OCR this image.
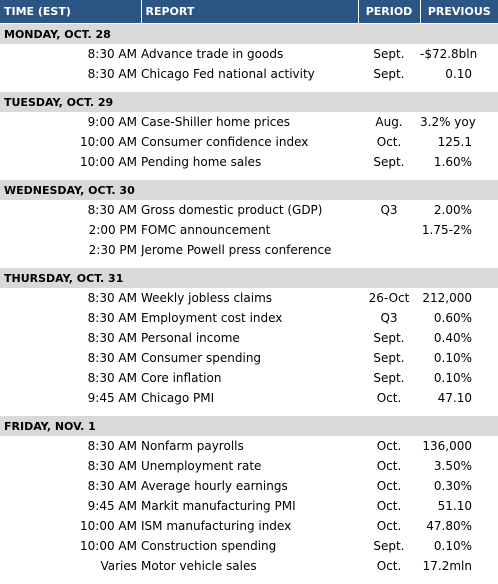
TIME (EST)	REPORT	PERIOD	PREVIOUS
MONDAY, OCT. 28			
8:30 AM	Advance trade in goods	Sept.	-$72.8bln
8:30 AM	Chicago Fed national activity	Sept.	0.10

TUESDAY, OCT. 29			
9:00 AM	Case-Shiller home prices	Aug.	3.2% yoy
10:00 AM	Consumer confidence index	Oct.	125.1
10:00 AM	Pending home sales	Sept.	1.60%

WEDNESDAY, OCT. 30			
8:30 AM	Gross domestic product (GDP)	Q3	2.00%
2:00 PM	FOMC announcement		1.75-2%
2:30 PM	Jerome Powell press conference		

THURSDAY, OCT. 31			
8:30 AM	Weekly jobless claims	26-Oct	212,000
8:30 AM	Employment cost index	Q3	0.60%
8:30 AM	Personal income	Sept.	0.40%
8:30 AM	Consumer spending	Sept.	0.10%
8:30 AM	Core inflation	Sept.	0.10%
9:45 AM	Chicago PMI	Oct.	47.10

FRIDAY, NOV. 1			
8:30 AM	Nonfarm payrolls	Oct.	136,000
8:30 AM	Unemployment rate	Oct.	3.50%
8:30 AM	Average hourly earnings	Oct.	0.30%
9:45 AM	Markit manufacturing PMI	Oct.	51.10
10:00 AM	ISM manufacturing index	Oct.	47.80%
10:00 AM	Construction spending	Sept.	0.10%
Varies	Motor vehicle sales	Oct.	17.2mln
